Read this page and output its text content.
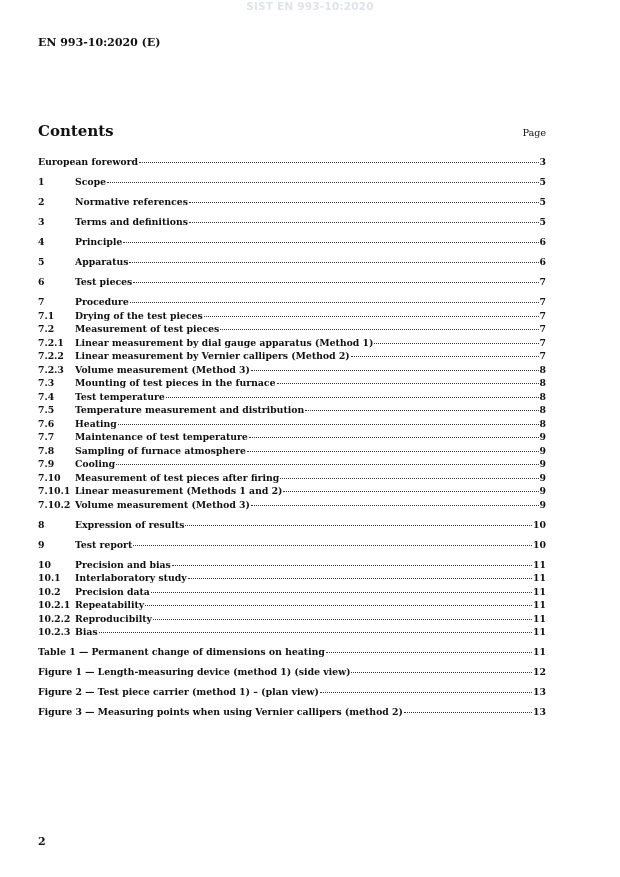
SIST EN 993-10:2020
EN 993-10:2020 (E)
Contents	Page
European foreword	3
1	Scope	5
2	Normative references	5
3	Terms and definitions	5
4	Principle	6
5	Apparatus	6
6	Test pieces	7
7	Procedure	7
7.1	Drying of the test pieces	7
7.2	Measurement of test pieces	7
7.2.1	Linear measurement by dial gauge apparatus (Method 1)	7
7.2.2	Linear measurement by Vernier callipers (Method 2)	7
7.2.3	Volume measurement (Method 3)	8
7.3	Mounting of test pieces in the furnace	8
7.4	Test temperature	8
7.5	Temperature measurement and distribution	8
7.6	Heating	8
7.7	Maintenance of test temperature	9
7.8	Sampling of furnace atmosphere	9
7.9	Cooling	9
7.10	Measurement of test pieces after firing	9
7.10.1 Linear measurement (Methods 1 and 2)	9
7.10.2 Volume measurement (Method 3)	9
8	Expression of results	10
9	Test report	10
10	Precision and bias	11
10.1	Interlaboratory study	11
10.2	Precision data	11
10.2.1 Repeatability	11
10.2.2 Reproducibilty	11
10.2.3 Bias	11
Table 1 — Permanent change of dimensions on heating	11
Figure 1 — Length-measuring device (method 1) (side view)	12
Figure 2 — Test piece carrier (method 1) – (plan view)	13
Figure 3 — Measuring points when using Vernier callipers (method 2)	13
2
